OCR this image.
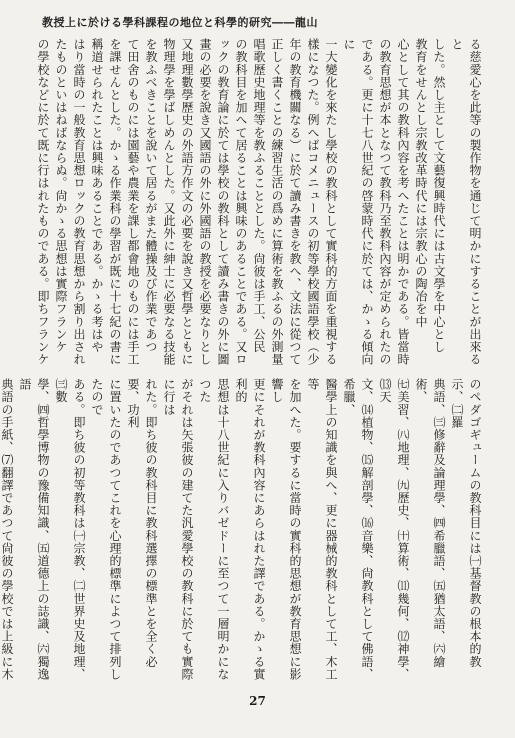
教授上に於ける學科課程の地位と科學的研究――龍山
る慈愛心を此等の製作物を通じて明かにすることが出來ると
した。然し主として文藝復興時代には古文學を中心とし
教育をせんとし宗教改革時代には宗教心の陶冶を中
心として其の教科內容を考へたことは明かである。皆當時
の教育思想が本となつて教科乃至教科內容が定められたの
である。更に十七八世紀の啓蒙時代に於ては、かゝる傾向に
一大變化を來たし學校の教科として實科的方面を重視する
樣になつた。例へばコメニュースの初等學校國語學校（少
年の教育機關なる）に於て讀み書きを教へ、文法に從つて
正しく書くことの練習生活の爲めに算術を教ふるの外測量
唱歌歷史地理等を教ふることとした。尙彼は手工、公民
の教科目を加へて居ることは興味のあることである。又ロ
ックの教育論に於ては學校の教科として讀み書きの外に圖
畫の必要を說き又國語の外に外國語の教授を必要なりとし
又地理數學歷史の外語方作文の必要を說き又哲學とともに
物理學を學ばしめんとした。又此外に紳士に必要なる技能
を教ふべきことを說いて居るがまた體操及び作業であつ
て田舍のものには園藝や農業を課し都會地のものには手工
を課せんとした。かゝる作業科の學習が既に十七紀の書に
稱道せられたことは興味あることである。かゝる考はや
はり當時の一般教育思想ロックの教育思想から割り出され
たものといはねばならぬ。尙かゝる思想は實際フランケ
の學校などに於て既に行はれたものである。即ちフランケ
のペダゴギュームの教科目には㈠基督教の根本的教示、㈡羅
典語、㈢修辭及論理學、㈣希臘語、㈤猶太語、㈥繪術、
㈦美習、㈧地理、㈨歷史、㈩算術、⑾幾何、⑿神學、⒀天
文、⒁植物、⒂解剖學、⒃音樂、尙教科として佛語、希臘、
醫學上の知識を與へ、更に器械的教科として工、木工等
を加へた。要するに當時の實科的思想が教育思想に影響し
更にそれが教科內容にあらはれた譯である。かゝる實利的
思想は十八世紀に入りバゼドーに至つて一層明かになつた
がそれは矢張彼の建てた汎愛學校の教科に於ても實際に行は
れた。即ち彼の教科目に教科選擇の標準とを全く必要、功利
に置いたのであつてこれを心理的標準によつて排列したので
ある。即ち彼の初等教科は㈠宗教、㈡世界史及地理、㈢數
學、㈣哲學博物の豫備知識、㈤道德上の誌識、㈥獨逸語
典語の手紙、⑺翻譯であつて尙彼の學校では上級に木
27
